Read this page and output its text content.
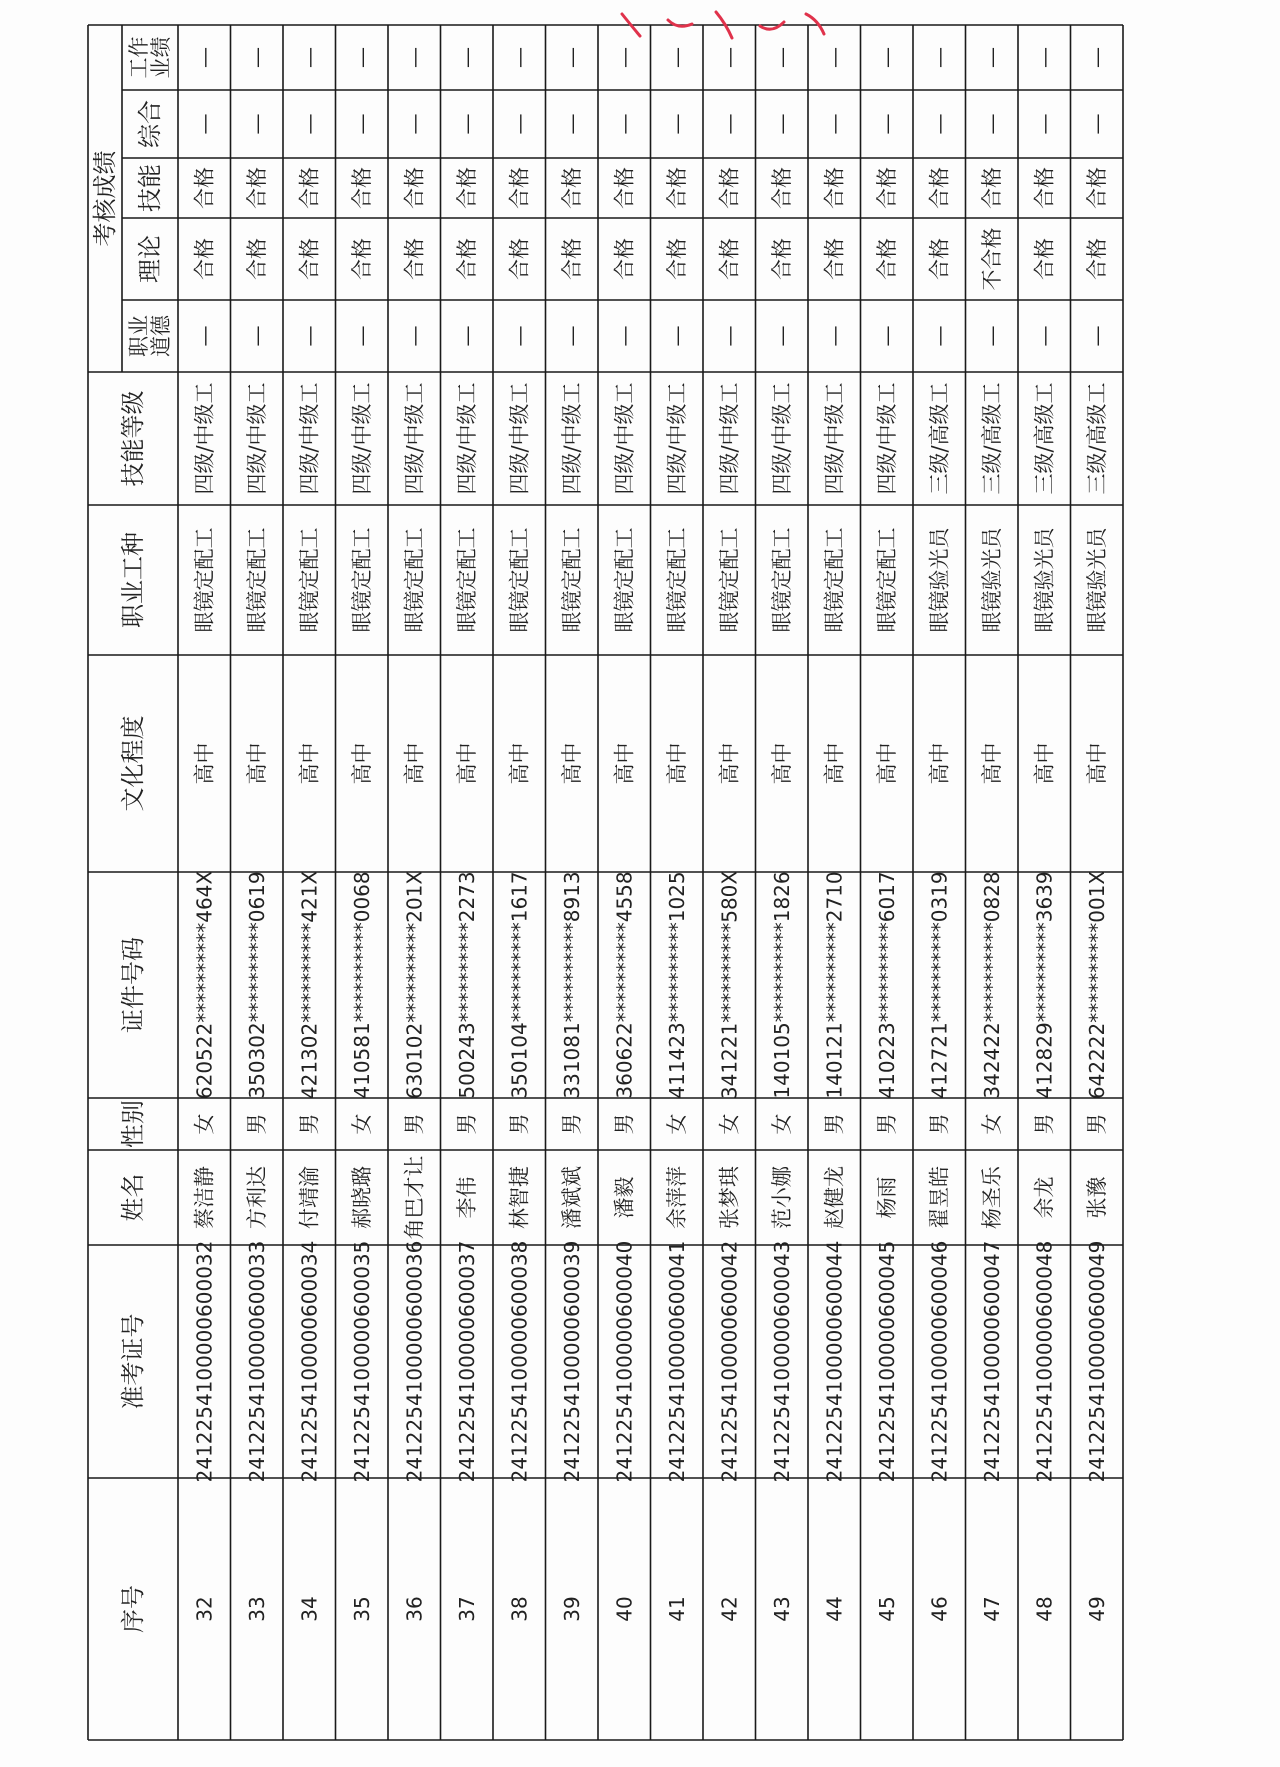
工作
业绩
综合
技能
理论
职业
道德
技能等级
职业工种
文化程度
证件号码
性别
姓名
准考证号
序号
考核成绩
—
—
合格
合格
—
四级/中级工
眼镜定配工
高中
620522**********464X
女
蔡洁静
2412254100000600032
32
—
—
合格
合格
—
四级/中级工
眼镜定配工
高中
350302**********0619
男
方利达
2412254100000600033
33
—
—
合格
合格
—
四级/中级工
眼镜定配工
高中
421302**********421X
男
付靖渝
2412254100000600034
34
—
—
合格
合格
—
四级/中级工
眼镜定配工
高中
410581**********0068
女
郝晓璐
2412254100000600035
35
—
—
合格
合格
—
四级/中级工
眼镜定配工
高中
630102**********201X
男
角巴才让
2412254100000600036
36
—
—
合格
合格
—
四级/中级工
眼镜定配工
高中
500243**********2273
男
李伟
2412254100000600037
37
—
—
合格
合格
—
四级/中级工
眼镜定配工
高中
350104**********1617
男
林智捷
2412254100000600038
38
—
—
合格
合格
—
四级/中级工
眼镜定配工
高中
331081**********8913
男
潘斌斌
2412254100000600039
39
—
—
合格
合格
—
四级/中级工
眼镜定配工
高中
360622**********4558
男
潘毅
2412254100000600040
40
—
—
合格
合格
—
四级/中级工
眼镜定配工
高中
411423**********1025
女
余萍萍
2412254100000600041
41
—
—
合格
合格
—
四级/中级工
眼镜定配工
高中
341221**********580X
女
张梦琪
2412254100000600042
42
—
—
合格
合格
—
四级/中级工
眼镜定配工
高中
140105**********1826
女
范小娜
2412254100000600043
43
—
—
合格
合格
—
四级/中级工
眼镜定配工
高中
140121**********2710
男
赵健龙
2412254100000600044
44
—
—
合格
合格
—
四级/中级工
眼镜定配工
高中
410223**********6017
男
杨雨
2412254100000600045
45
—
—
合格
合格
—
三级/高级工
眼镜验光员
高中
412721**********0319
男
翟昱皓
2412254100000600046
46
—
—
合格
不合格
—
三级/高级工
眼镜验光员
高中
342422**********0828
女
杨圣乐
2412254100000600047
47
—
—
合格
合格
—
三级/高级工
眼镜验光员
高中
412829**********3639
男
余龙
2412254100000600048
48
—
—
合格
合格
—
三级/高级工
眼镜验光员
高中
642222**********001X
男
张豫
2412254100000600049
49
